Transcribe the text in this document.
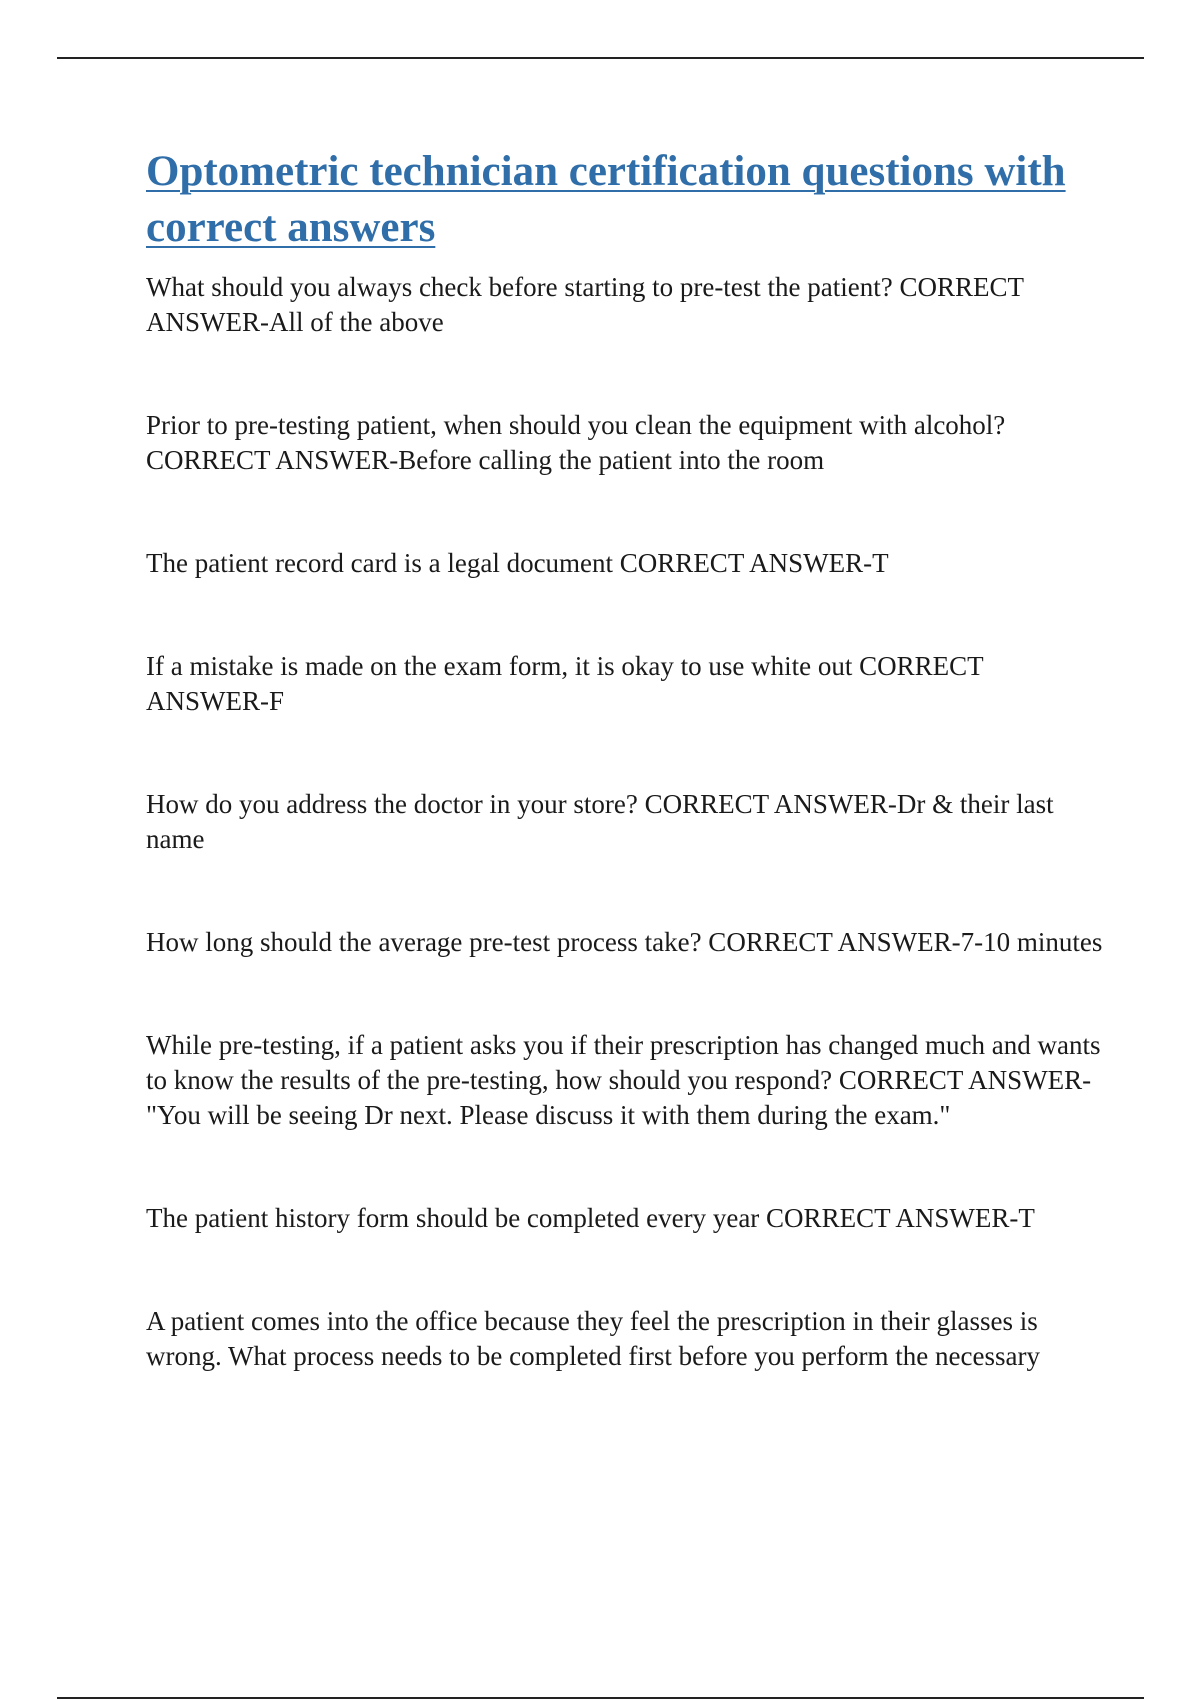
Optometric technician certification questions with correct answers
What should you always check before starting to pre-test the patient? CORRECT ANSWER-All of the above
Prior to pre-testing patient, when should you clean the equipment with alcohol? CORRECT ANSWER-Before calling the patient into the room
The patient record card is a legal document CORRECT ANSWER-T
If a mistake is made on the exam form, it is okay to use white out CORRECT ANSWER-F
How do you address the doctor in your store? CORRECT ANSWER-Dr & their last name
How long should the average pre-test process take? CORRECT ANSWER-7-10 minutes
While pre-testing, if a patient asks you if their prescription has changed much and wants to know the results of the pre-testing, how should you respond? CORRECT ANSWER-"You will be seeing Dr next. Please discuss it with them during the exam."
The patient history form should be completed every year CORRECT ANSWER-T
A patient comes into the office because they feel the prescription in their glasses is wrong. What process needs to be completed first before you perform the necessary
